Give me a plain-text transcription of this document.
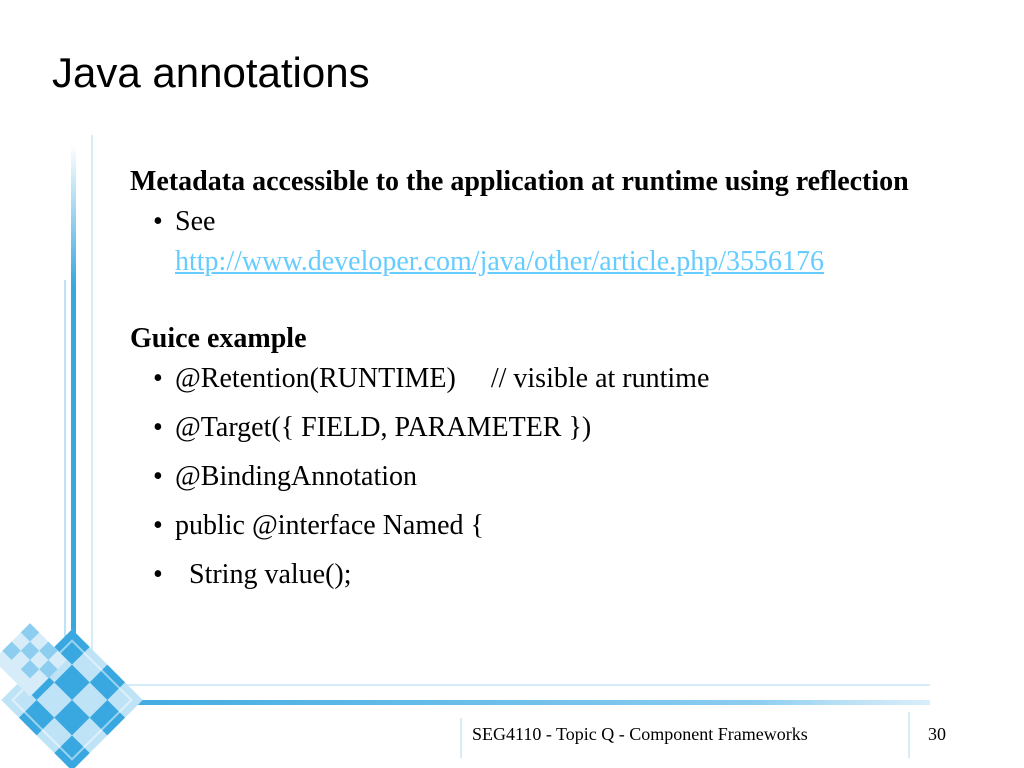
Java annotations

Metadata accessible to the application at runtime using reflection

• See
http://www.developer.com/java/other/article.php/3556176

Guice example

• @Retention(RUNTIME)     // visible at runtime
• @Target({ FIELD, PARAMETER })
• @BindingAnnotation
• public @interface Named {
• String value();
SEG4110 - Topic Q - Component Frameworks	30
